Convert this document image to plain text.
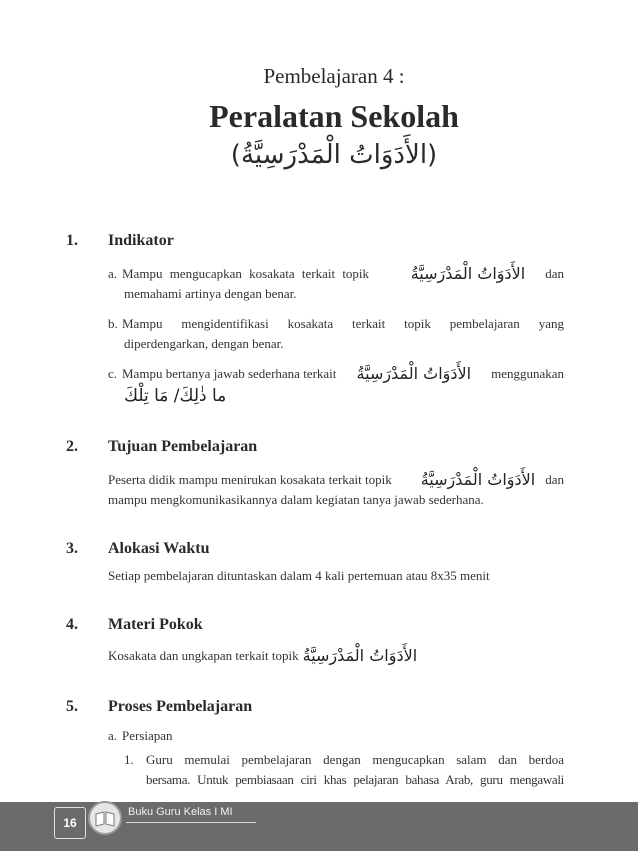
Pembelajaran 4 :
Peralatan Sekolah
(الأَدَوَاتُ الْمَدْرَسِيَّةُ)
1. Indikator
a. Mampu mengucapkan kosakata terkait topik	الأَدَوَاتُ الْمَدْرَسِيَّةُ dan
memahami artinya dengan benar.
b. Mampu mengidentifikasi kosakata terkait topik pembelajaran yang
diperdengarkan, dengan benar.
c. Mampu bertanya jawab sederhana terkait الأَدَوَاتُ الْمَدْرَسِيَّةُ menggunakan
ما ذٰلِكَ/ مَا تِلْكَ
2. Tujuan Pembelajaran
Peserta didik mampu menirukan kosakata terkait topik الأَدَوَاتُ الْمَدْرَسِيَّةُ dan
mampu mengkomunikasikannya dalam kegiatan tanya jawab sederhana.
3. Alokasi Waktu
Setiap pembelajaran dituntaskan dalam 4 kali pertemuan atau 8x35 menit
4. Materi Pokok
Kosakata dan ungkapan terkait topik الأَدَوَاتُ الْمَدْرَسِيَّةُ
5. Proses Pembelajaran
a. Persiapan
1. Guru memulai pembelajaran dengan mengucapkan salam dan berdoa
bersama. Untuk pembiasaan ciri khas pelajaran bahasa Arab, guru mengawali
16
Buku Guru Kelas I MI
